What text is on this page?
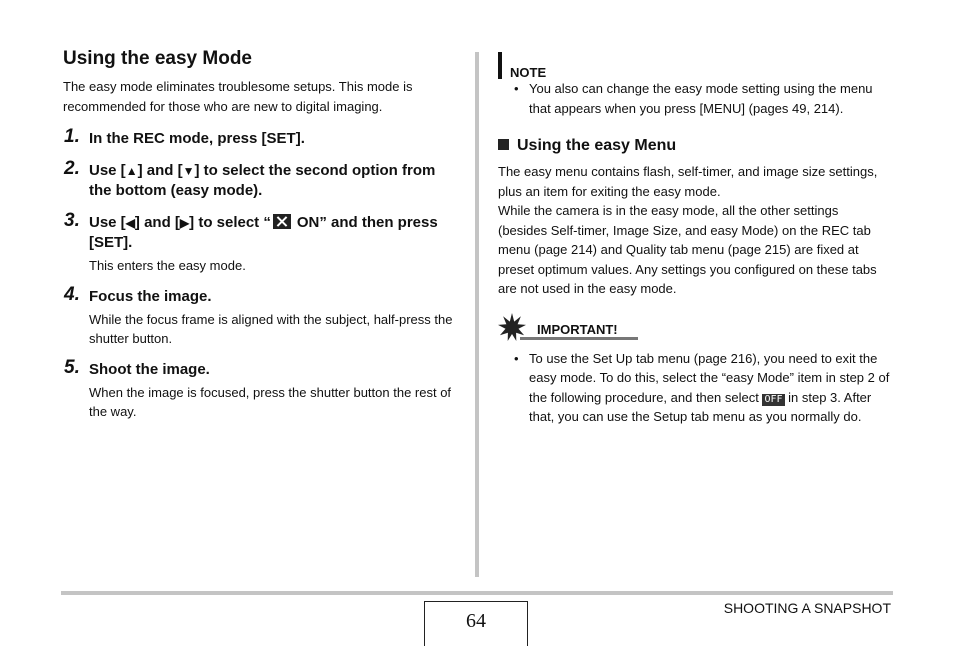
Using the easy Mode
The easy mode eliminates troublesome setups. This mode is recommended for those who are new to digital imaging.
1. In the REC mode, press [SET].
2. Use [▲] and [▼] to select the second option from the bottom (easy mode).
3. Use [◀] and [▶] to select “ ON” and then press [SET].
This enters the easy mode.
4. Focus the image.
While the focus frame is aligned with the subject, half-press the shutter button.
5. Shoot the image.
When the image is focused, press the shutter button the rest of the way.
NOTE
• You also can change the easy mode setting using the menu that appears when you press [MENU] (pages 49, 214).
Using the easy Menu
The easy menu contains flash, self-timer, and image size settings, plus an item for exiting the easy mode.
While the camera is in the easy mode, all the other settings (besides Self-timer, Image Size, and easy Mode) on the REC tab menu (page 214) and Quality tab menu (page 215) are fixed at preset optimum values. Any settings you configured on these tabs are not used in the easy mode.
IMPORTANT!
• To use the Set Up tab menu (page 216), you need to exit the easy mode. To do this, select the “easy Mode” item in step 2 of the following procedure, and then select OFF in step 3. After that, you can use the Setup tab menu as you normally do.
64
SHOOTING A SNAPSHOT
